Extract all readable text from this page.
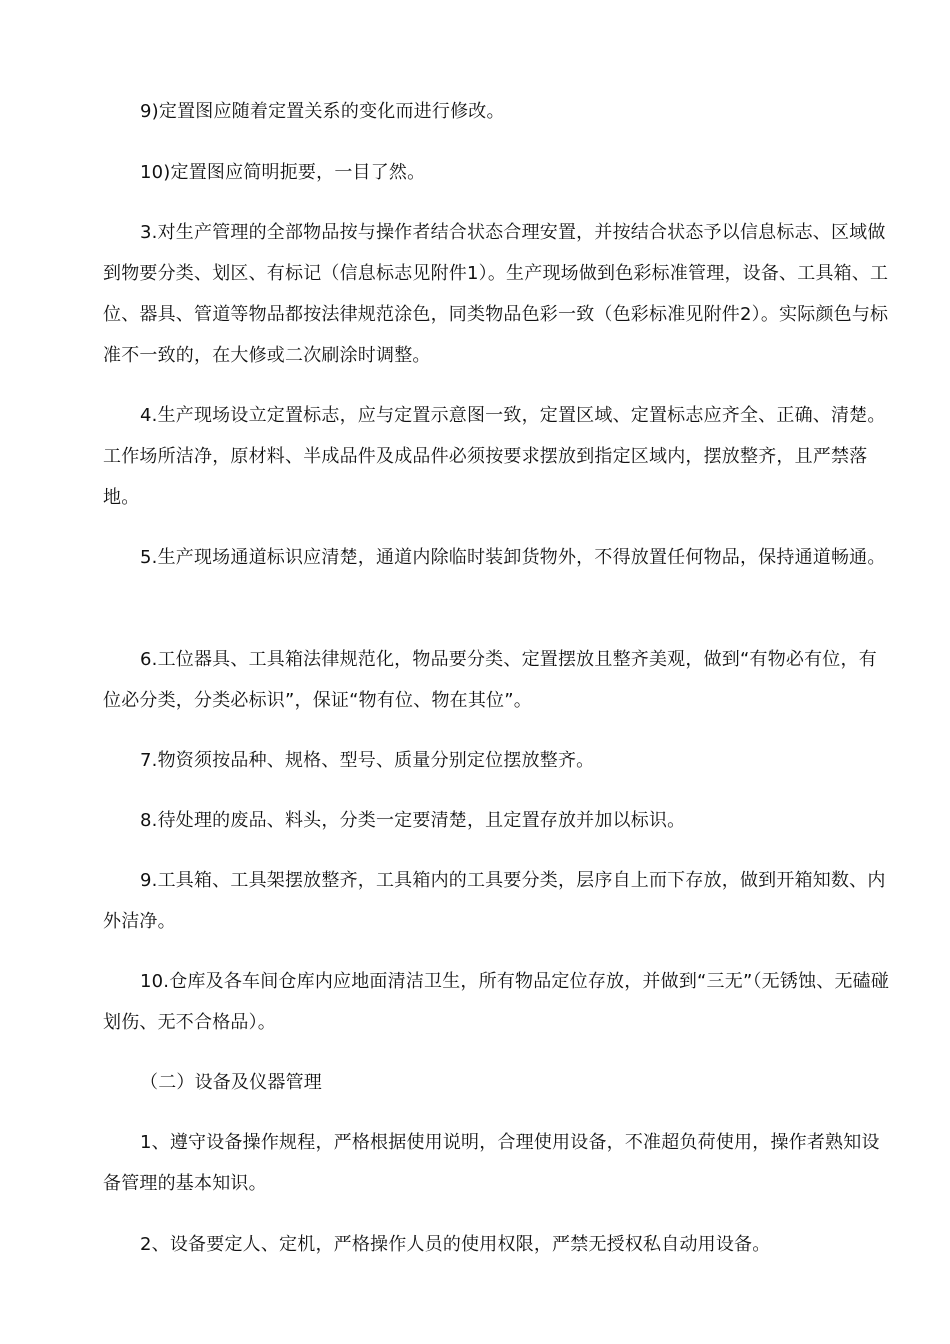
9)定置图应随着定置关系的变化而进行修改。

10)定置图应简明扼要，一目了然。

3.对生产管理的全部物品按与操作者结合状态合理安置，并按结合状态予以信息标志、区域做到物要分类、划区、有标记（信息标志见附件1）。生产现场做到色彩标准管理，设备、工具箱、工位、器具、管道等物品都按法律规范涂色，同类物品色彩一致（色彩标准见附件2）。实际颜色与标准不一致的，在大修或二次刷涂时调整。

4.生产现场设立定置标志，应与定置示意图一致，定置区域、定置标志应齐全、正确、清楚。工作场所洁净，原材料、半成品件及成品件必须按要求摆放到指定区域内，摆放整齐，且严禁落地。

5.生产现场通道标识应清楚，通道内除临时装卸货物外，不得放置任何物品，保持通道畅通。

6.工位器具、工具箱法律规范化，物品要分类、定置摆放且整齐美观，做到“有物必有位，有位必分类，分类必标识”，保证“物有位、物在其位”。

7.物资须按品种、规格、型号、质量分别定位摆放整齐。

8.待处理的废品、料头，分类一定要清楚，且定置存放并加以标识。

9.工具箱、工具架摆放整齐，工具箱内的工具要分类，层序自上而下存放，做到开箱知数、内外洁净。

10.仓库及各车间仓库内应地面清洁卫生，所有物品定位存放，并做到“三无”（无锈蚀、无磕碰划伤、无不合格品）。

（二）设备及仪器管理

1、遵守设备操作规程，严格根据使用说明，合理使用设备，不准超负荷使用，操作者熟知设备管理的基本知识。

2、设备要定人、定机，严格操作人员的使用权限，严禁无授权私自动用设备。
